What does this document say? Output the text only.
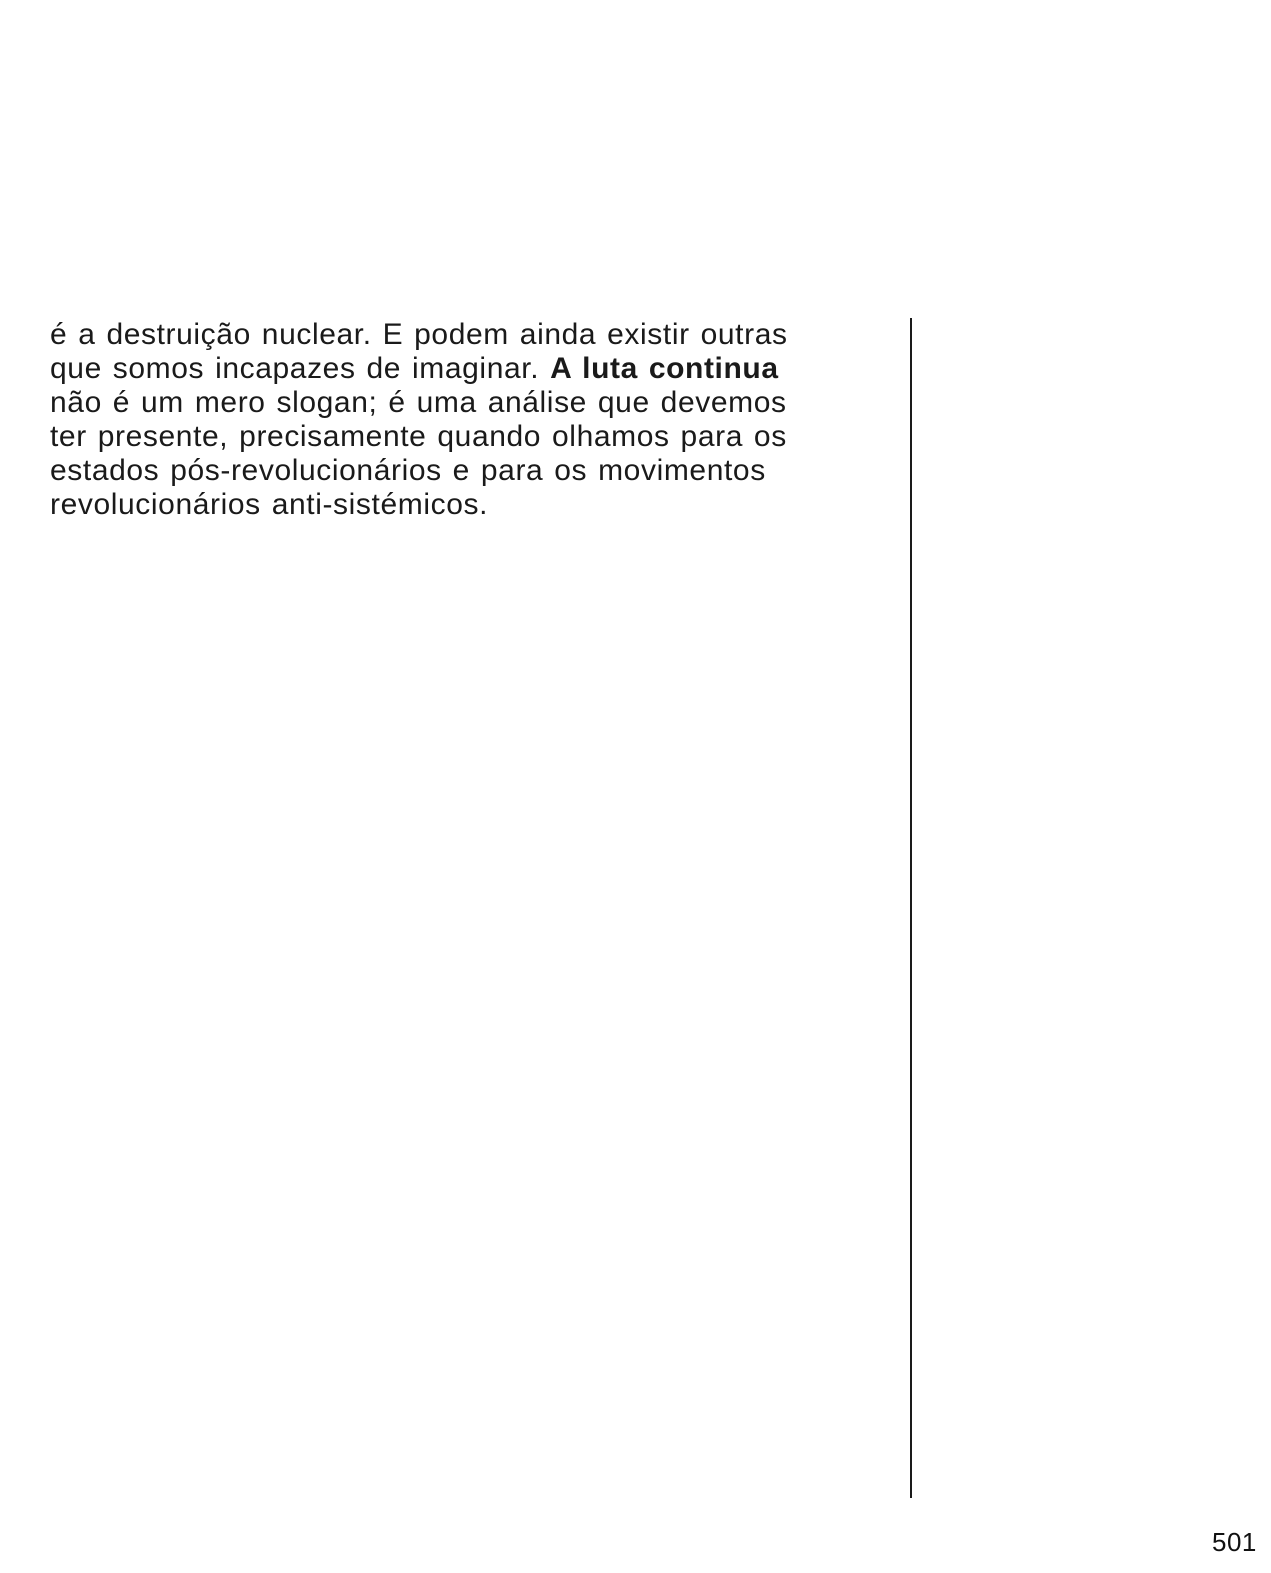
é a destruição nuclear. E podem ainda existir outras
que somos incapazes de imaginar. A luta continua
não é um mero slogan; é uma análise que devemos
ter presente, precisamente quando olhamos para os
estados pós-revolucionários e para os movimentos
revolucionários anti-sistémicos.

501
